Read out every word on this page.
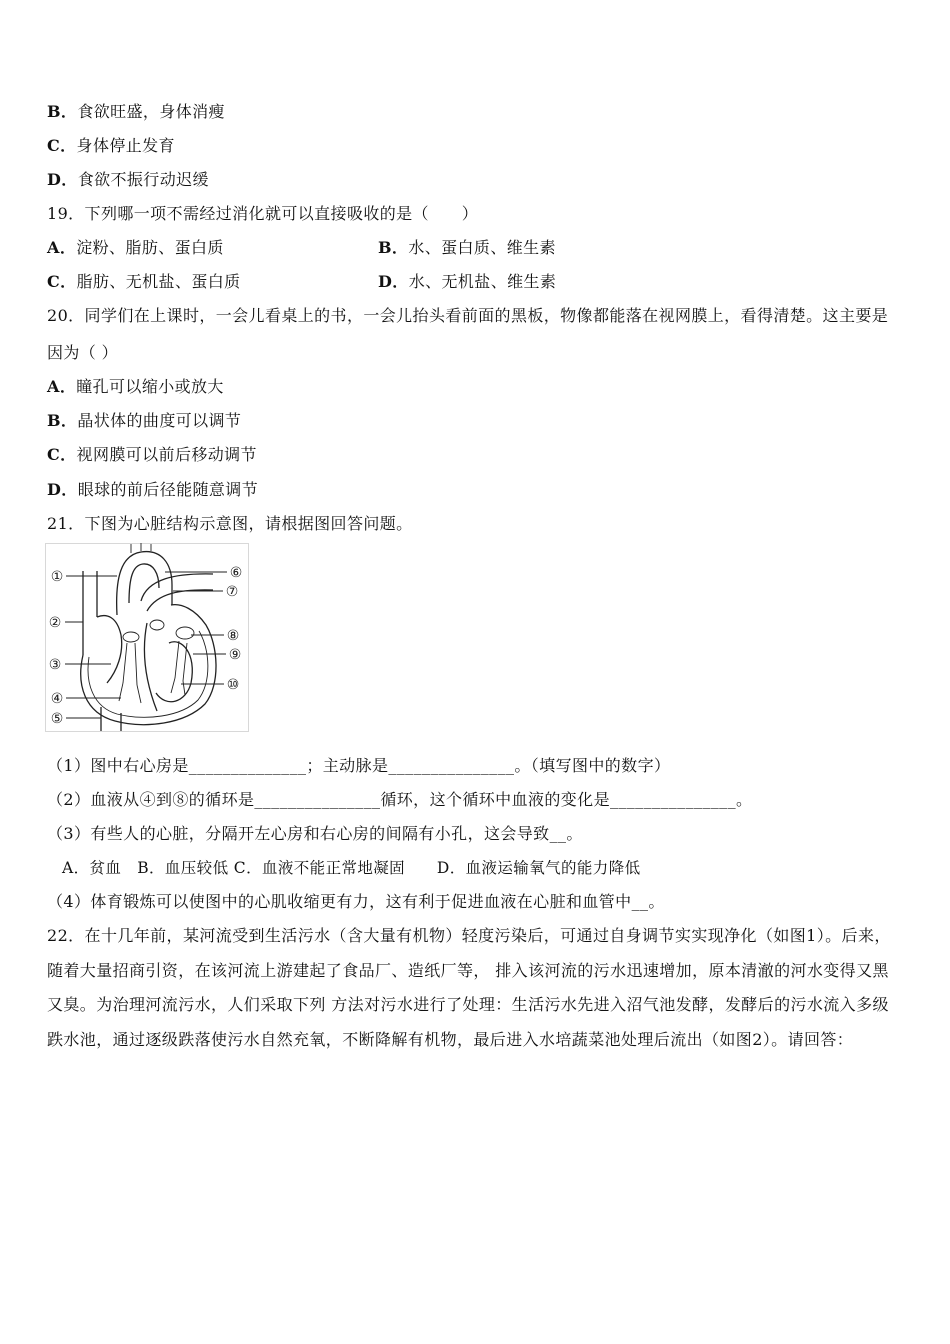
B．食欲旺盛，身体消瘦
C．身体停止发育
D．食欲不振行动迟缓
19．下列哪一项不需经过消化就可以直接吸收的是（　　）
A．淀粉、脂肪、蛋白质	B．水、蛋白质、维生素
C．脂肪、无机盐、蛋白质	D．水、无机盐、维生素
20．同学们在上课时，一会儿看桌上的书，一会儿抬头看前面的黑板，物像都能落在视网膜上，看得清楚。这主要是
因为（ ）
A．瞳孔可以缩小或放大
B．晶状体的曲度可以调节
C．视网膜可以前后移动调节
D．眼球的前后径能随意调节
21．下图为心脏结构示意图，请根据图回答问题。
①
②
③
④
⑤
⑥
⑦
⑧
⑨
⑩
（1）图中右心房是______________；主动脉是_______________。（填写图中的数字）
（2）血液从④到⑧的循环是_______________循环，这个循环中血液的变化是_______________。
（3）有些人的心脏，分隔开左心房和右心房的间隔有小孔，这会导致__。
A．贫血　B．血压较低 C．血液不能正常地凝固　　D．血液运输氧气的能力降低
（4）体育锻炼可以使图中的心肌收缩更有力，这有利于促进血液在心脏和血管中__。
22．在十几年前，某河流受到生活污水（含大量有机物）轻度污染后，可通过自身调节实实现净化（如图1）。后来，
随着大量招商引资，在该河流上游建起了食品厂、造纸厂等， 排入该河流的污水迅速增加，原本清澈的河水变得又黑
又臭。为治理河流污水，人们采取下列 方法对污水进行了处理：生活污水先进入沼气池发酵，发酵后的污水流入多级
跌水池，通过逐级跌落使污水自然充氧，不断降解有机物，最后进入水培蔬菜池处理后流出（如图2）。请回答：
